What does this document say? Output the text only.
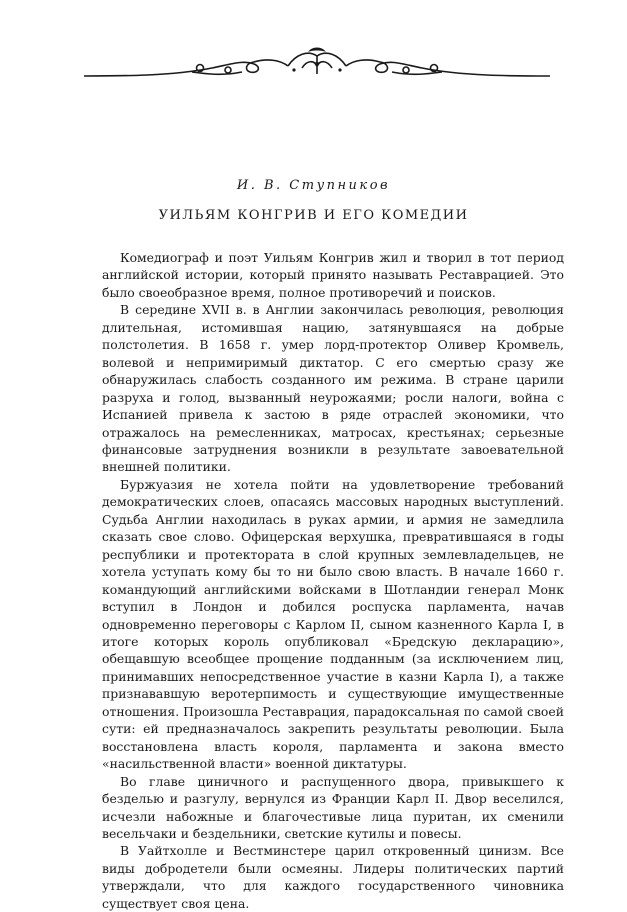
И. В. Ступников
УИЛЬЯМ КОНГРИВ И ЕГО КОМЕДИИ

Комедиограф и поэт Уильям Конгрив жил и творил в тот период английской истории, который принято называть Реставрацией. Это было своеобразное время, полное противоречий и поисков.

В середине XVII в. в Англии закончилась революция, революция длительная, истомившая нацию, затянувшаяся на добрые полстолетия. В 1658 г. умер лорд-протектор Оливер Кромвель, волевой и непримиримый диктатор. С его смертью сразу же обнаружилась слабость созданного им режима. В стране царили разруха и голод, вызванный неурожаями; росли налоги, война с Испанией привела к застою в ряде отраслей экономики, что отражалось на ремесленниках, матросах, крестьянах; серьезные финансовые затруднения возникли в результате завоевательной внешней политики.

Буржуазия не хотела пойти на удовлетворение требований демократических слоев, опасаясь массовых народных выступлений. Судьба Англии находилась в руках армии, и армия не замедлила сказать свое слово. Офицерская верхушка, превратившаяся в годы республики и протектората в слой крупных землевладельцев, не хотела уступать кому бы то ни было свою власть. В начале 1660 г. командующий английскими войсками в Шотландии генерал Монк вступил в Лондон и добился роспуска парламента, начав одновременно переговоры с Карлом II, сыном казненного Карла I, в итоге которых король опубликовал «Бредскую декларацию», обещавшую всеобщее прощение подданным (за исключением лиц, принимавших непосредственное участие в казни Карла I), а также признававшую веротерпимость и существующие имущественные отношения. Произошла Реставрация, парадоксальная по самой своей сути: ей предназначалось закрепить результаты революции. Была восстановлена власть короля, парламента и закона вместо «насильственной власти» военной диктатуры.

Во главе циничного и распущенного двора, привыкшего к безделью и разгулу, вернулся из Франции Карл II. Двор веселился, исчезли набожные и благочестивые лица пуритан, их сменили весельчаки и бездельники, светские кутилы и повесы.

В Уайтхолле и Вестминстере царил откровенный цинизм. Все виды добродетели были осмеяны. Лидеры политических партий утверждали, что для каждого государственного чиновника существует своя цена.
